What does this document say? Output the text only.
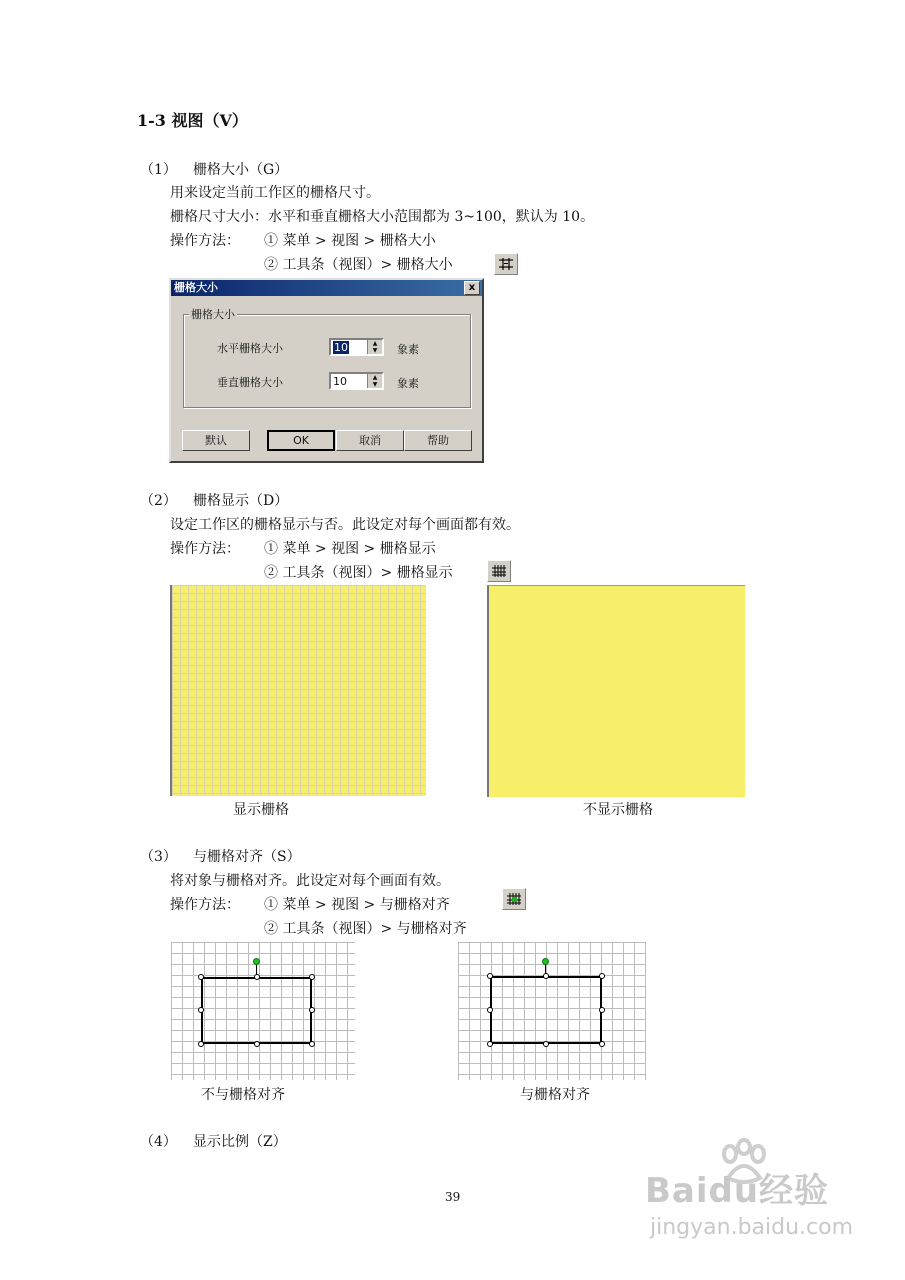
1-3 视图（V）
（1） 栅格大小（G）
用来设定当前工作区的栅格尺寸。
栅格尺寸大小：水平和垂直栅格大小范围都为 3~100，默认为 10。
操作方法： ① 菜单 > 视图 > 栅格大小
② 工具条（视图）> 栅格大小
栅格大小	x
栅格大小
水平栅格大小	10	▲
▼	象素
垂直栅格大小	10	▲
▼	象素
默认	OK	取消	帮助
（2） 栅格显示（D）
设定工作区的栅格显示与否。此设定对每个画面都有效。
操作方法： ① 菜单 > 视图 > 栅格显示
② 工具条（视图）> 栅格显示
显示栅格	不显示栅格
（3） 与栅格对齐（S）
将对象与栅格对齐。此设定对每个画面有效。
操作方法： ① 菜单 > 视图 > 与栅格对齐
② 工具条（视图）> 与栅格对齐
不与栅格对齐	与栅格对齐
（4） 显示比例（Z）
39	Baidu经验
jingyan.baidu.com
